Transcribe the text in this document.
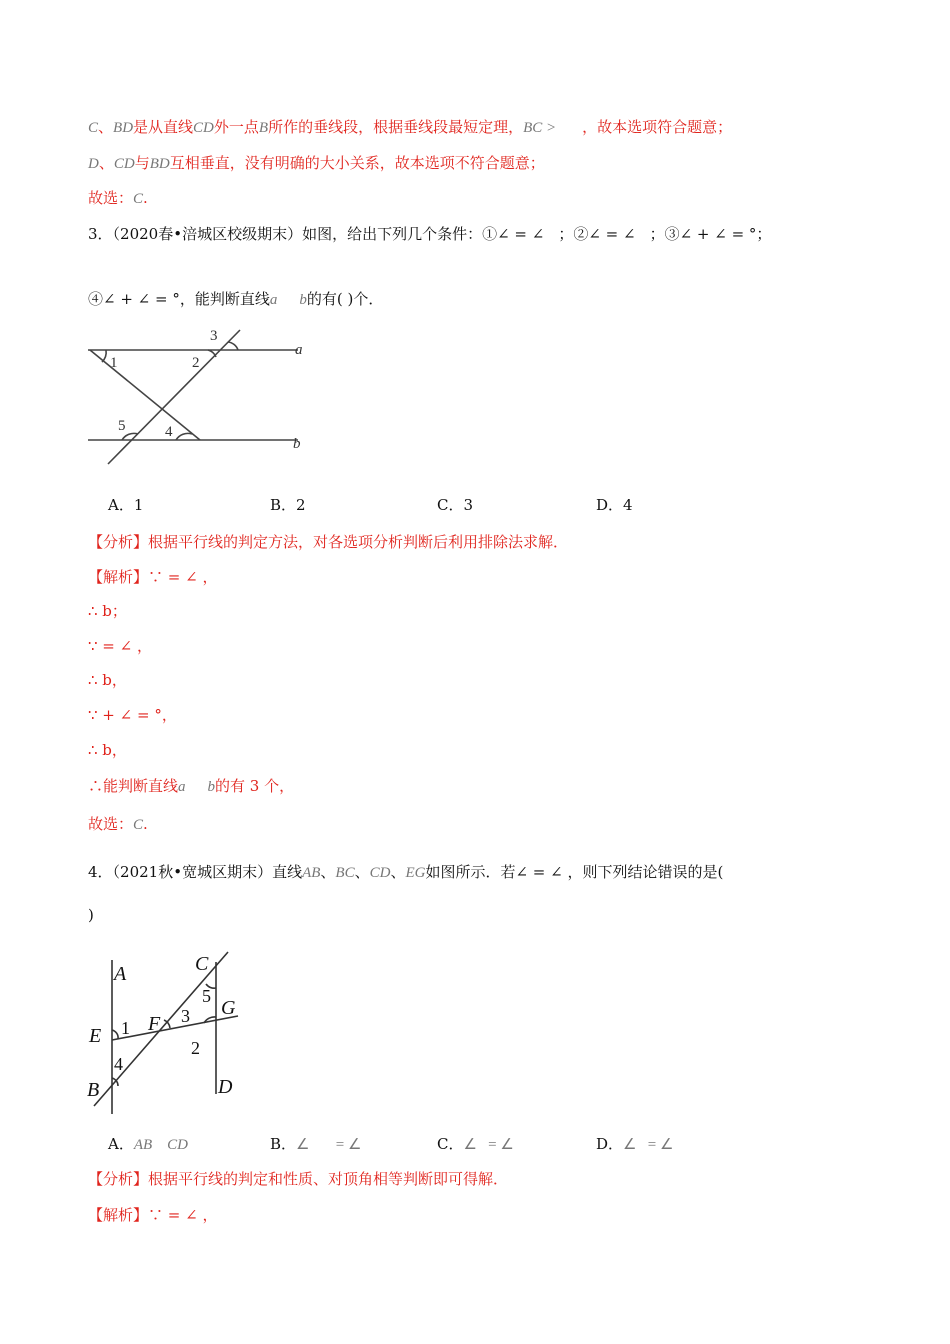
C、BD是从直线CD外一点B所作的垂线段，根据垂线段最短定理，BC > ，故本选项符合题意；
D、CD与BD互相垂直，没有明确的大小关系，故本选项不符合题意；
故选：C.
3．（2020春•涪城区校级期末）如图，给出下列几个条件：①∠ = ∠ ；②∠ = ∠ ；③∠ + ∠ = °；
④∠ + ∠ = °，能判断直线a b的有( )个．
1	2
3
4
5
a
b
A．1	B．2	C．3	D．4
【分析】根据平行线的判定方法，对各选项分析判断后利用排除法求解．
【解析】∵ = ∠ ，
∴ b；
∵ = ∠ ，
∴ b，
∵ + ∠ = °，
∴ b，
∴能判断直线a b的有 3 个，
故选：C.
4．（2021秋•宽城区期末）直线AB、BC、CD、EG如图所示．若∠ = ∠ ，则下列结论错误的是(
)
A
B
C
D
E
F
G
1
2
3
4
5
A．AB    CD	B．∠       = ∠	C．∠   = ∠	D．∠   = ∠
【分析】根据平行线的判定和性质、对顶角相等判断即可得解．
【解析】∵ = ∠ ，
